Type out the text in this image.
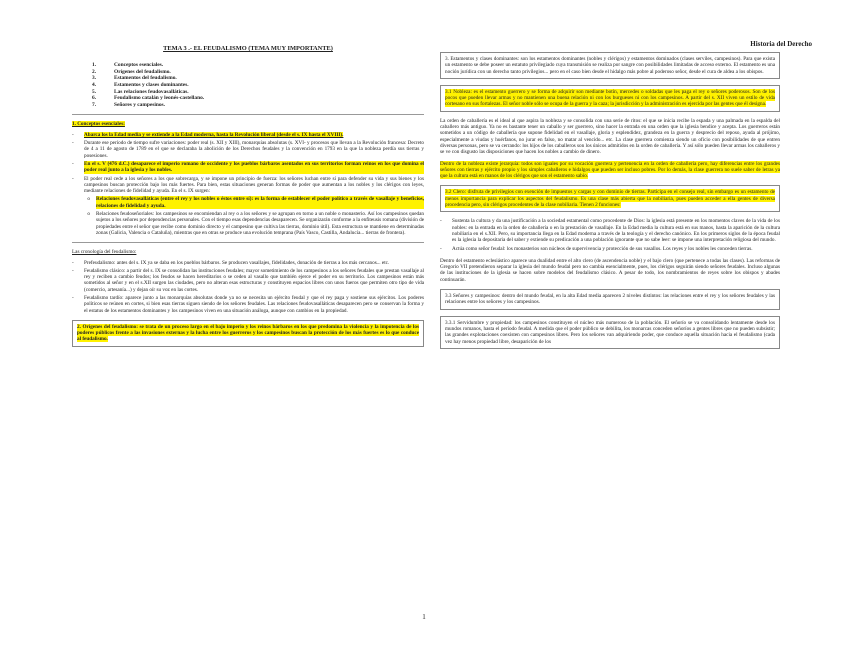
Historia del Derecho
TEMA 3 .- EL FEUDALISMO (TEMA MUY IMPORTANTE)
1.	Conceptos esenciales.
2.	Orígenes del feudalismo.
3.	Estamentos del feudalismo.
4.	Estamentos y clases dominantes.
5.	Las relaciones feudovasalláticas.
6.	Feudalismo catalán y leonés-castellano.
7.	Señores y campesinos.
1. Conceptos esenciales:
-	Abarca los la Edad media y se extiende a la Edad moderna, hasta la Revolución liberal (desde el s. IX hasta el XVIII).
-	Durante ese período de tiempo sufre variaciones: poder real (s. XII y XIII), monarquías absolutas (s. XVI- y procesos que llevan a la Revolución francesa: Decreto de 4 a 11 de agosto de 1789 en el que se declaraba la abolición de los Derechos feudales y la convención en 1793 en la que la nobleza perdía sus tierras y posesiones.
-	En el s. V (476 d.C.) desaparece el imperio romano de occidente y los pueblos bárbaros asentados en sus territorios forman reinos en los que domina el poder real junto a la iglesia y los nobles.
-	El poder real cede a los señores a los que sobrecarga, y se impone un principio de fuerza: los señores luchan entre sí para defender su vida y sus bienes y los campesinos buscan protección bajo los más fuertes. Para bien, estas situaciones generan formas de poder que aumentan a los nobles y los clérigos con leyes, mediante relaciones de fidelidad y ayuda. En el s. IX surgen:
o	Relaciones feudovasalláticas (entre el rey y los nobles o éstos entre sí): es la forma de establecer el poder político a través de vasallaje y beneficios, relaciones de fidelidad y ayuda.
o	Relaciones feudoseñoriales: los campesinos se encomiendan al rey o a los señores y se agrupan en torno a un noble o monasterio. Así los campesinos quedan sujetos a los señores por dependencias personales. Con el tiempo esas dependencias desaparecen. Se organizarán conforme a la enfiteusis romana (división de propiedades entre el señor que recibe como dominio directo y el campesino que cultiva las tierras, dominio útil). Esta estructura se mantiene en determinadas zonas (Galicia, Valencia o Cataluña), mientras que en otras se produce una evolución temprana (País Vasco, Castilla, Andalucía... tierras de frontera).
Las cronología del feudalismo:
-	Prefeudalismo: antes del s. IX ya se daba en los pueblos bárbaros. Se producen vasallajes, fidelidades, donación de tierras a los más cercanos... etc.
-	Feudalismo clásico: a partir del s. IX se consolidan las instituciones feudales; mayor sometimiento de los campesinos a los señores feudales que prestan vasallaje al rey y reciben a cambio feudos; los feudos se hacen hereditarios o se ceden al vasallo que también ejerce el poder en su territorio. Los campesinos están más sometidos al señor y en el s.XII surgen las ciudades, pero no alteran esas estructuras y constituyen espacios libres con unos fueros que permiten otro tipo de vida (comercio, artesanía...) y dejan oír su voz en las cortes.
-	Feudalismo tardío: aparece junto a las monarquías absolutas donde ya no se necesita un ejército feudal y que el rey paga y sostiene sus ejércitos. Los poderes políticos se reúnen en cortes, si bien esas tierras siguen siendo de los señores feudales. Las relaciones feudovasalláticas desaparecen pero se conservan la forma y el estatus de los estamentos dominantes y los campesinos viven en una situación análoga, aunque con cambios en la propiedad.
2. Orígenes del feudalismo: se trata de un proceso largo en el bajo imperio y los reinos bárbaros en los que predomina la violencia y la impotencia de los poderes públicos frente a las invasiones externas y la lucha entre los guerreros y los campesinos buscan la protección de los más fuertes es lo que conduce al feudalismo.
3. Estamentos y clases dominantes: son los estamentos dominantes (nobles y clérigos) y estamentos dominados (clases serviles, campesinos). Para que exista un estamento se debe poseer un estatuto privilegiado cuya transmisión se realiza por sangre con posibilidades limitadas de acceso externo. El estamento es una noción jurídica con un derecho tanto privilegios... pero en el caso bien desde el hidalgo más pobre al poderoso señor, desde el cura de aldea a los obispos.
3.1 Nobleza: es el estamento guerrero y se forma de adquirir son mediante botín, mercedes o soldadas que les paga el rey o señores poderosos. Son de los pocos que pueden llevar armas y no mantienen una buena relación ni con los burgueses ni con los campesinos. A partir del s. XII viven un estilo de vida cortesano en sus fortalezas. El señor noble sólo se ocupa de la guerra y la caza; la jurisdicción y la administración es ejercida por las gentes que él designa.
La orden de caballería es el ideal al que aspira la nobleza y se consolida con una serie de ritos: el que se inicia recibe la espada y una palmada en la espalda del caballero más antiguo. Ya no es bastante tener un caballo y ser guerrero, sino hacer la entrada en una orden que la iglesia bendice y acepta. Los guerreros están sometidos a un código de caballería que supone fidelidad en el vasallaje, gloria y esplendidez, grandeza en la guerra y desprecio del reposo, ayuda al prójimo, especialmente a viudas y huérfanos, no jurar en falso, no matar al vencido... etc. La clase guerrera comienza siendo un oficio con posibilidades de que entren diversas personas, pero se va cerrando: los hijos de los caballeros son los únicos admitidos en la orden de caballería. Y así sólo pueden llevar armas los caballeros y se ve con disgusto las disposiciones que hacen los nobles a cambio de dinero.
Dentro de la nobleza existe jerarquía: todos son iguales por su vocación guerrera y pertenencia en la orden de caballería pero, hay diferencias entre los grandes señores con tierras y ejército propio y los simples caballeros e hidalgos que pueden ser incluso pobres. Por lo demás, la clase guerrera no suele saber de letras ya que la cultura está en manos de los clérigos que son el estamento sabio.
3.2 Clero: disfruta de privilegios con exención de impuestos y cargas y con dominio de tierras. Participa en el consejo real, sin embargo es un estamento de menos importancia para explicar los aspectos del feudalismo. Es una clase más abierta que la nobiliaria, pues pueden acceder a ella gentes de diversa procedencia pero, sin clérigos procedentes de la clase nobiliaria. Tienen 2 funciones:
-	Sustenta la cultura y da una justificación a la sociedad estamental como procedente de Dios: la iglesia está presente en los momentos claves de la vida de los nobles: en la entrada en la orden de caballería o en la prestación de vasallaje. En la Edad media la cultura está en sus manos, hasta la aparición de la cultura nobiliaria en el s.XII. Pero, su importancia llega en la Edad moderna a través de la teología y el derecho canónico. En los primeros siglos de la época feudal es la iglesia la depositaria del saber y extiende su predicación a una población ignorante que no sabe leer: se impone una interpretación religiosa del mundo.
-	Actúa como señor feudal: los monasterios son núcleos de supervivencia y protección de sus vasallos. Los reyes y los nobles les conceden tierras.
Dentro del estamento eclesiástico aparece una dualidad entre el alto clero (de ascendencia noble) y el bajo clero (que pertenece a todas las clases). Las reformas de Gregorio VII pretendieron separar la iglesia del mundo feudal pero no cambia esencialmente, pues, los clérigos seguirán siendo señores feudales. Incluso algunas de las instituciones de la iglesia se hacen sobre modelos del feudalismo clásico. A pesar de todo, los nombramientos de reyes sobre los obispos y abades continuarán.
3.3 Señores y campesinos: dentro del mundo feudal, en la alta Edad media aparecen 2 niveles distintos: las relaciones entre el rey y los señores feudales y las relaciones entre los señores y los campesinos.
3.3.1 Servidumbre y propiedad: los campesinos constituyen el núcleo más numeroso de la población. El señorío se va consolidando lentamente desde los mundos romanos, hasta el período feudal. A medida que el poder público se debilita, los monarcas conceden señoríos a gentes libres que no pueden subsistir; las grandes explotaciones coexisten con campesinos libres. Pero los señores van adquiriendo poder, que conduce aquella situación hacia el feudalismo (cada vez hay menos propiedad libre, desaparición de los
1
